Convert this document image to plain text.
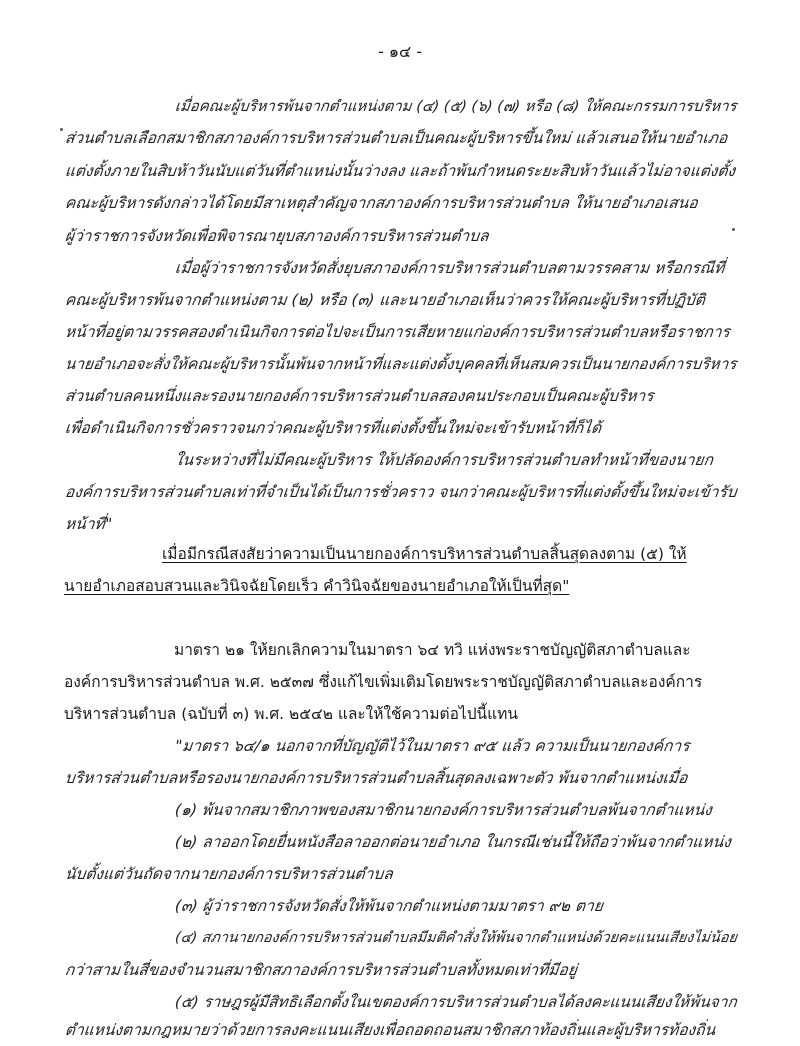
- ๑๔ -
เมื่อคณะผู้บริหารพ้นจากตำแหน่งตาม (๔) (๕) (๖) (๗) หรือ (๘) ให้คณะกรรมการบริหาร
ส่วนตำบลเลือกสมาชิกสภาองค์การบริหารส่วนตำบลเป็นคณะผู้บริหารขึ้นใหม่ แล้วเสนอให้นายอำเภอ
แต่งตั้งภายในสิบห้าวันนับแต่วันที่ตำแหน่งนั้นว่างลง และถ้าพ้นกำหนดระยะสิบห้าวันแล้วไม่อาจแต่งตั้ง
คณะผู้บริหารดังกล่าวได้โดยมีสาเหตุสำคัญจากสภาองค์การบริหารส่วนตำบล ให้นายอำเภอเสนอ
ผู้ว่าราชการจังหวัดเพื่อพิจารณายุบสภาองค์การบริหารส่วนตำบล
เมื่อผู้ว่าราชการจังหวัดสั่งยุบสภาองค์การบริหารส่วนตำบลตามวรรคสาม หรือกรณีที่
คณะผู้บริหารพ้นจากตำแหน่งตาม (๒) หรือ (๓) และนายอำเภอเห็นว่าควรให้คณะผู้บริหารที่ปฏิบัติ
หน้าที่อยู่ตามวรรคสองดำเนินกิจการต่อไปจะเป็นการเสียหายแก่องค์การบริหารส่วนตำบลหรือราชการ
นายอำเภอจะสั่งให้คณะผู้บริหารนั้นพ้นจากหน้าที่และแต่งตั้งบุคคลที่เห็นสมควรเป็นนายกองค์การบริหาร
ส่วนตำบลคนหนึ่งและรองนายกองค์การบริหารส่วนตำบลสองคนประกอบเป็นคณะผู้บริหาร
เพื่อดำเนินกิจการชั่วคราวจนกว่าคณะผู้บริหารที่แต่งตั้งขึ้นใหม่จะเข้ารับหน้าที่ก็ได้
ในระหว่างที่ไม่มีคณะผู้บริหาร ให้ปลัดองค์การบริหารส่วนตำบลทำหน้าที่ของนายก
องค์การบริหารส่วนตำบลเท่าที่จำเป็นได้เป็นการชั่วคราว จนกว่าคณะผู้บริหารที่แต่งตั้งขึ้นใหม่จะเข้ารับ
หน้าที่"
เมื่อมีกรณีสงสัยว่าความเป็นนายกองค์การบริหารส่วนตำบลสิ้นสุดลงตาม (๕) ให้
นายอำเภอสอบสวนและวินิจฉัยโดยเร็ว คำวินิจฉัยของนายอำเภอให้เป็นที่สุด"
มาตรา ๒๑ ให้ยกเลิกความในมาตรา ๖๔ ทวิ แห่งพระราชบัญญัติสภาตำบลและ
องค์การบริหารส่วนตำบล พ.ศ. ๒๕๓๗ ซึ่งแก้ไขเพิ่มเติมโดยพระราชบัญญัติสภาตำบลและองค์การ
บริหารส่วนตำบล (ฉบับที่ ๓) พ.ศ. ๒๕๔๒ และให้ใช้ความต่อไปนี้แทน
"มาตรา ๖๔/๑ นอกจากที่บัญญัติไว้ในมาตรา ๙๕ แล้ว ความเป็นนายกองค์การ
บริหารส่วนตำบลหรือรองนายกองค์การบริหารส่วนตำบลสิ้นสุดลงเฉพาะตัว พ้นจากตำแหน่งเมื่อ
(๑) พ้นจากสมาชิกภาพของสมาชิกนายกองค์การบริหารส่วนตำบลพ้นจากตำแหน่ง
(๒) ลาออกโดยยื่นหนังสือลาออกต่อนายอำเภอ ในกรณีเช่นนี้ให้ถือว่าพ้นจากตำแหน่ง
นับตั้งแต่วันถัดจากนายกองค์การบริหารส่วนตำบล
(๓) ผู้ว่าราชการจังหวัดสั่งให้พ้นจากตำแหน่งตามมาตรา ๙๒ ตาย
(๔) สภานายกองค์การบริหารส่วนตำบลมีมติคำสั่งให้พ้นจากตำแหน่งด้วยคะแนนเสียงไม่น้อย
กว่าสามในสี่ของจำนวนสมาชิกสภาองค์การบริหารส่วนตำบลทั้งหมดเท่าที่มีอยู่
(๕) ราษฎรผู้มีสิทธิเลือกตั้งในเขตองค์การบริหารส่วนตำบลได้ลงคะแนนเสียงให้พ้นจาก
ตำแหน่งตามกฎหมายว่าด้วยการลงคะแนนเสียงเพื่อถอดถอนสมาชิกสภาท้องถิ่นและผู้บริหารท้องถิ่น
